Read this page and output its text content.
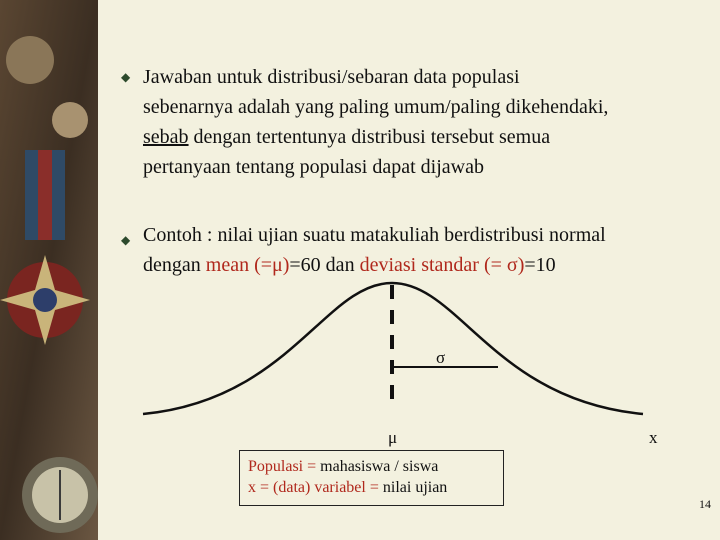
◆ Jawaban untuk distribusi/sebaran data populasi
sebenarnya adalah yang paling umum/paling dikehendaki,
sebab dengan tertentunya distribusi tersebut semua
pertanyaan tentang populasi dapat dijawab
◆ Contoh : nilai ujian suatu matakuliah berdistribusi normal
dengan mean (=μ)=60 dan deviasi standar (= σ)=10
σ
μ	x
Populasi = mahasiswa / siswa
x = (data) variabel = nilai ujian
14
